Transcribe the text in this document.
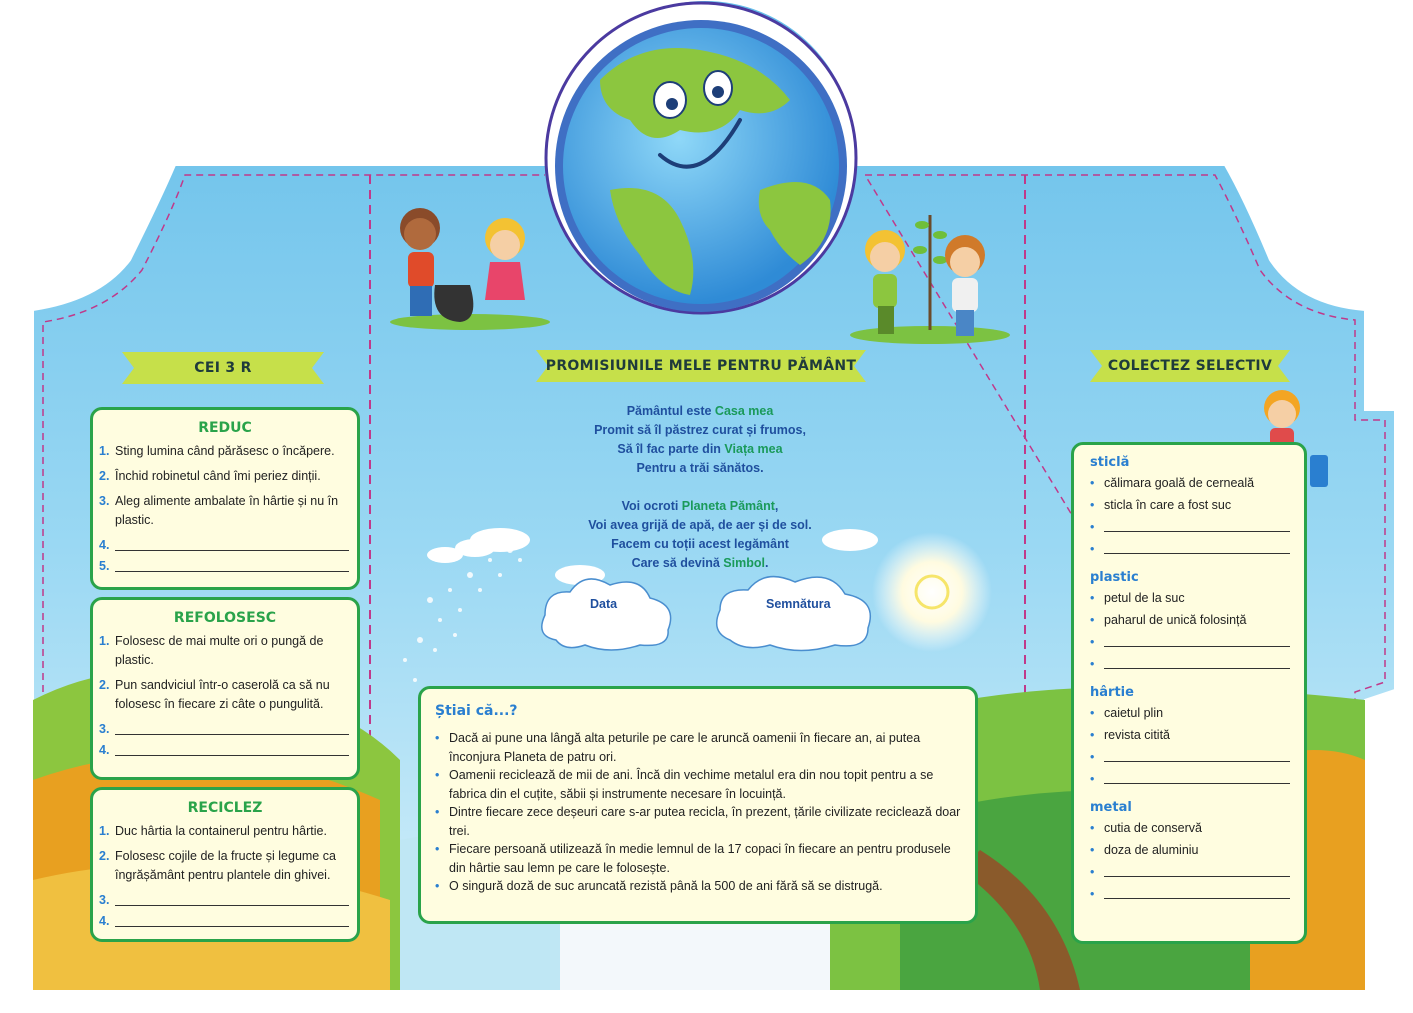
CEI 3 R	PROMISIUNILE MELE PENTRU PĂMÂNT	COLECTEZ SELECTIV
REDUC
1. Sting lumina când părăsesc o încăpere.
2. Închid robinetul când îmi periez dinții.
3. Aleg alimente ambalate în hârtie și nu în plastic.
4.
5.
REFOLOSESC
1. Folosesc de mai multe ori o pungă de plastic.
2. Pun sandviciul într-o caserolă ca să nu folosesc în fiecare zi câte o pungulită.
3.
4.
RECICLEZ
1. Duc hârtia la containerul pentru hârtie.
2. Folosesc cojile de la fructe și legume ca îngrășământ pentru plantele din ghivei.
3.
4.
Pământul este Casa mea
Promit să îl păstrez curat și frumos,
Să îl fac parte din Viața mea
Pentru a trăi sănătos.
Voi ocroti Planeta Pământ,
Voi avea grijă de apă, de aer și de sol.
Facem cu toții acest legământ
Care să devină Simbol.
Data	Semnătura
Știai că...?
• Dacă ai pune una lângă alta peturile pe care le aruncă oamenii în fiecare an, ai putea înconjura Planeta de patru ori.
• Oamenii reciclează de mii de ani. Încă din vechime metalul era din nou topit pentru a se fabrica din el cuțite, săbii și instrumente necesare în locuință.
• Dintre fiecare zece deșeuri care s-ar putea recicla, în prezent, țările civilizate reciclează doar trei.
• Fiecare persoană utilizează în medie lemnul de la 17 copaci în fiecare an pentru produsele din hârtie sau lemn pe care le folosește.
• O singură doză de suc aruncată rezistă până la 500 de ani fără să se distrugă.
sticlă
• călimara goală de cerneală
• sticla în care a fost suc
•
•
plastic
• petul de la suc
• paharul de unică folosință
•
•
hârtie
• caietul plin
• revista citită
•
•
metal
• cutia de conservă
• doza de aluminiu
•
•
